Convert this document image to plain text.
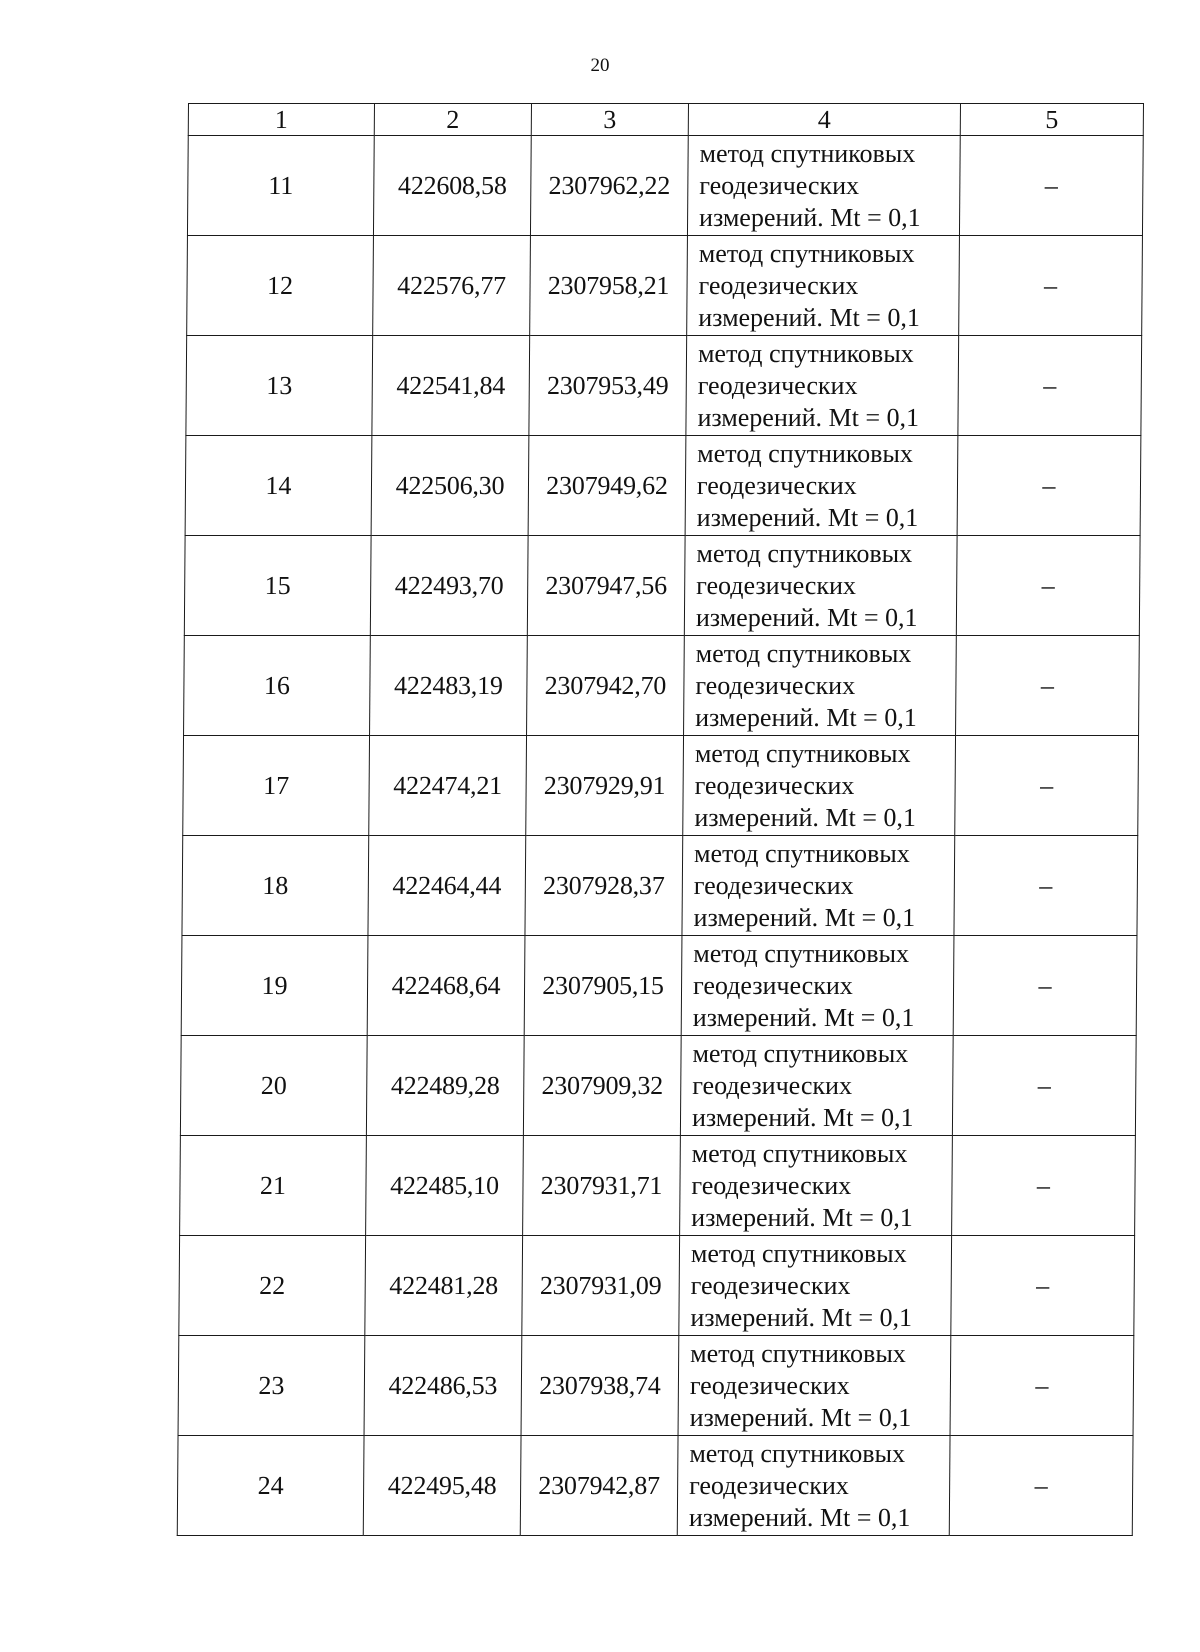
20
1	2	3	4	5
11	422608,58	2307962,22	метод спутниковых
геодезических
измерений. Mt = 0,1	–
12	422576,77	2307958,21	метод спутниковых
геодезических
измерений. Mt = 0,1	–
13	422541,84	2307953,49	метод спутниковых
геодезических
измерений. Mt = 0,1	–
14	422506,30	2307949,62	метод спутниковых
геодезических
измерений. Mt = 0,1	–
15	422493,70	2307947,56	метод спутниковых
геодезических
измерений. Mt = 0,1	–
16	422483,19	2307942,70	метод спутниковых
геодезических
измерений. Mt = 0,1	–
17	422474,21	2307929,91	метод спутниковых
геодезических
измерений. Mt = 0,1	–
18	422464,44	2307928,37	метод спутниковых
геодезических
измерений. Mt = 0,1	–
19	422468,64	2307905,15	метод спутниковых
геодезических
измерений. Mt = 0,1	–
20	422489,28	2307909,32	метод спутниковых
геодезических
измерений. Mt = 0,1	–
21	422485,10	2307931,71	метод спутниковых
геодезических
измерений. Mt = 0,1	–
22	422481,28	2307931,09	метод спутниковых
геодезических
измерений. Mt = 0,1	–
23	422486,53	2307938,74	метод спутниковых
геодезических
измерений. Mt = 0,1	–
24	422495,48	2307942,87	метод спутниковых
геодезических
измерений. Mt = 0,1	–
